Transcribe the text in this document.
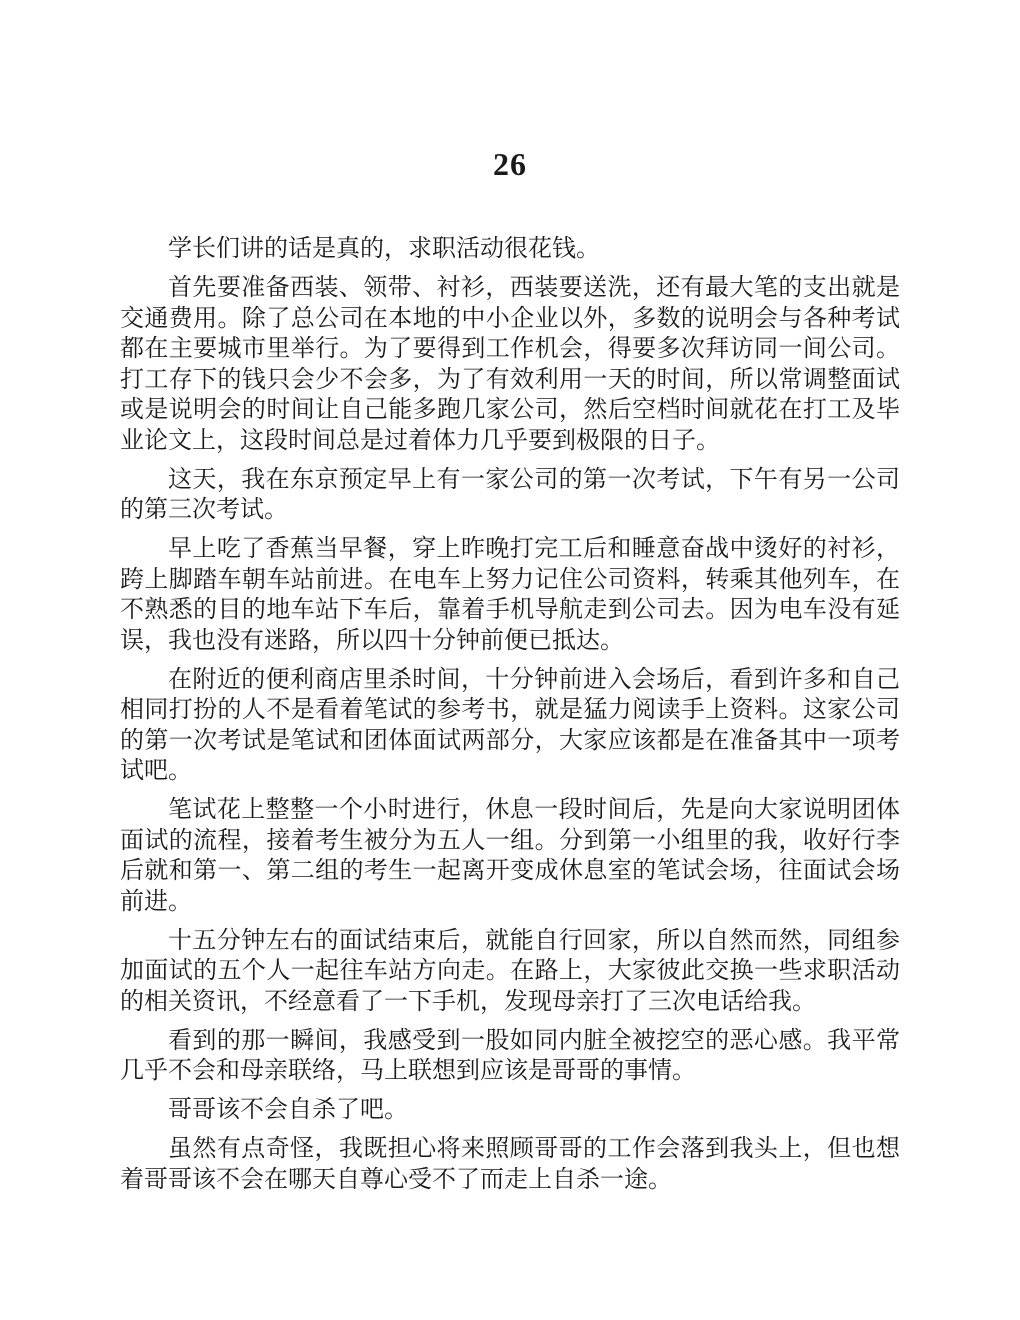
26

学长们讲的话是真的，求职活动很花钱。

首先要准备西装、领带、衬衫，西装要送洗，还有最大笔的支出就是交通费用。除了总公司在本地的中小企业以外，多数的说明会与各种考试都在主要城市里举行。为了要得到工作机会，得要多次拜访同一间公司。打工存下的钱只会少不会多，为了有效利用一天的时间，所以常调整面试或是说明会的时间让自己能多跑几家公司，然后空档时间就花在打工及毕业论文上，这段时间总是过着体力几乎要到极限的日子。

这天，我在东京预定早上有一家公司的第一次考试，下午有另一公司的第三次考试。

早上吃了香蕉当早餐，穿上昨晚打完工后和睡意奋战中烫好的衬衫，跨上脚踏车朝车站前进。在电车上努力记住公司资料，转乘其他列车，在不熟悉的目的地车站下车后，靠着手机导航走到公司去。因为电车没有延误，我也没有迷路，所以四十分钟前便已抵达。

在附近的便利商店里杀时间，十分钟前进入会场后，看到许多和自己相同打扮的人不是看着笔试的参考书，就是猛力阅读手上资料。这家公司的第一次考试是笔试和团体面试两部分，大家应该都是在准备其中一项考试吧。

笔试花上整整一个小时进行，休息一段时间后，先是向大家说明团体面试的流程，接着考生被分为五人一组。分到第一小组里的我，收好行李后就和第一、第二组的考生一起离开变成休息室的笔试会场，往面试会场前进。

十五分钟左右的面试结束后，就能自行回家，所以自然而然，同组参加面试的五个人一起往车站方向走。在路上，大家彼此交换一些求职活动的相关资讯，不经意看了一下手机，发现母亲打了三次电话给我。

看到的那一瞬间，我感受到一股如同内脏全被挖空的恶心感。我平常几乎不会和母亲联络，马上联想到应该是哥哥的事情。

哥哥该不会自杀了吧。

虽然有点奇怪，我既担心将来照顾哥哥的工作会落到我头上，但也想着哥哥该不会在哪天自尊心受不了而走上自杀一途。
